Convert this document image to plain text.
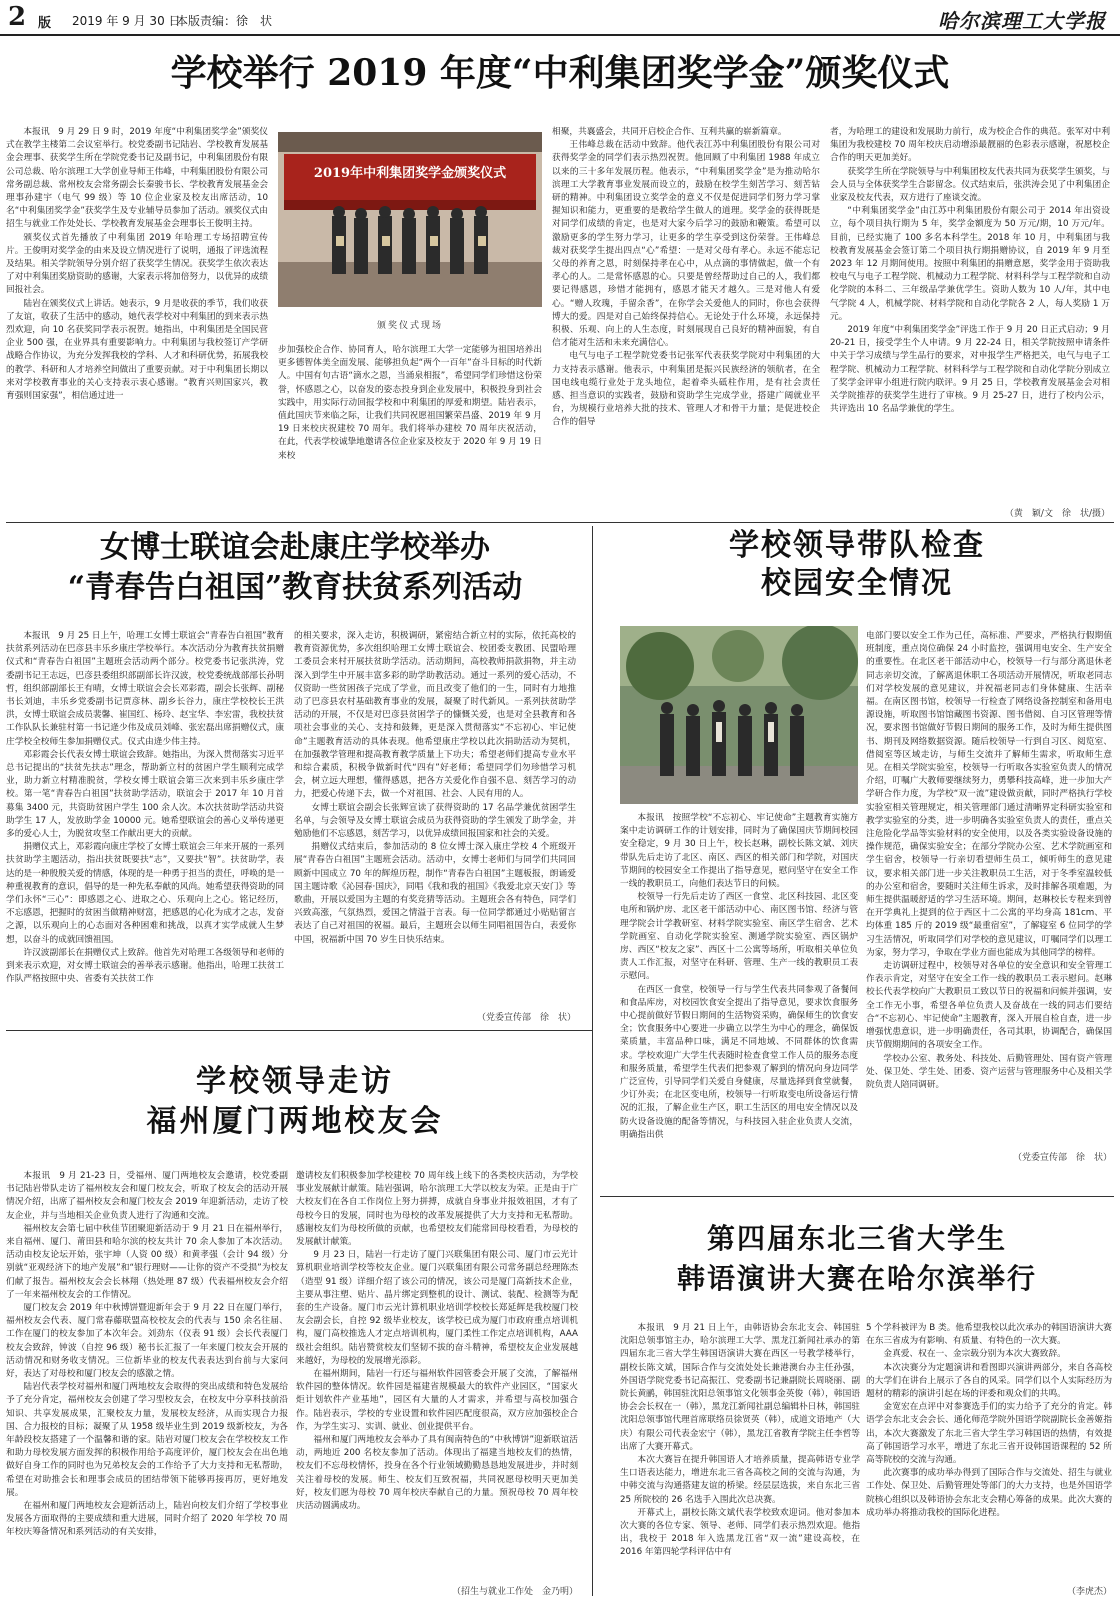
2 版 2019 年 9 月 30 日
本版责编：徐　状	哈尔滨理工大学报
学校举行 2019 年度“中利集团奖学金”颁奖仪式

本报讯　9 月 29 日 9 时，2019 年度“中利集团奖学金”颁奖仪式在教学主楼第二会议室举行。校党委副书记陆岩、学校教育发展基金会理事、获奖学生所在学院党委书记及副书记，中利集团股份有限公司总裁、哈尔滨理工大学创业导师王伟峰，中利集团股份有限公司常务副总裁、常州校友会常务副会长秦骏书长、学校教育发展基金会理事孙建宇（电气 99 级）等 10 位企业家及校友出席活动，10 名“中利集团奖学金”获奖学生及专业辅导员参加了活动。颁奖仪式由招生与就业工作处处长、学校教育发展基金会理事长王俊明主持。

颁奖仪式首先播放了中利集团 2019 年哈理工专场招聘宣传片。王俊明对奖学金的由来及设立情况进行了说明，通报了评选流程及结果。相关学院领导分别介绍了获奖学生情况。获奖学生依次表达了对中利集团奖励资助的感谢，大家表示将加倍努力，以优异的成绩回报社会。

陆岩在颁奖仪式上讲话。她表示，9 月是收获的季节，我们收获了友谊，收获了生活中的感动，她代表学校对中利集团的到来表示热烈欢迎，向 10 名获奖同学表示祝贺。她指出，中利集团是全国民营企业 500 强，在业界具有重要影响力。中利集团与我校签订产学研战略合作协议，为充分发挥我校的学科、人才和科研优势，拓展我校的教学、科研和人才培养空间做出了重要贡献。对于中利集团长期以来对学校教育事业的关心支持表示衷心感谢。“教育兴则国家兴，教育强则国家强”，相信通过进一

2019年中利集团奖学金颁奖仪式
颁奖仪式现场

步加强校企合作、协同育人，哈尔滨理工大学一定能够为祖国培养出更多德智体美全面发展、能够担负起“两个一百年”奋斗目标的时代新人。中国有句古语“滴水之恩，当涌泉相报”，希望同学们珍惜这份荣誉，怀感恩之心，以奋发的姿态投身到企业发展中，积极投身到社会实践中，用实际行动回报学校和中利集团的厚爱和期望。陆岩表示，值此国庆节来临之际，让我们共同祝愿祖国繁荣昌盛、2019 年 9 月 19 日来校庆祝建校 70 周年。我们将举办建校 70 周年庆祝活动，在此，代表学校诚挚地邀请各位企业家及校友于 2020 年 9 月 19 日来校

相聚，共襄盛会，共同开启校企合作、互利共赢的崭新篇章。

王伟峰总裁在活动中致辞。他代表江苏中利集团股份有限公司对获得奖学金的同学们表示热烈祝贺。他回顾了中利集团 1988 年成立以来的三十多年发展历程。他表示，“中利集团奖学金”是为推动哈尔滨理工大学教育事业发展而设立的，鼓励在校学生刻苦学习、刻苦钻研的精神。中利集团设立奖学金的意义不仅是促进同学们努力学习掌握知识和能力，更重要的是教给学生做人的道理。奖学金的获得既是对同学们成绩的肯定，也是对大家今后学习的鼓励和鞭策。希望可以激励更多的学生努力学习，让更多的学生享受到这份荣誉。王伟峰总裁对获奖学生提出四点“心”希望：一是对父母有孝心。永远不能忘记父母的养育之恩，时刻保持孝在心中，从点滴的事情做起，做一个有孝心的人。二是常怀感恩的心。只要是曾经帮助过自己的人，我们都要记得感恩，珍惜才能拥有，感恩才能天才越久。三是对他人有爱心。“赠人玫瑰，手留余香”，在你学会关爱他人的同时，你也会获得博大的爱。四是对自己始终保持信心。无论处于什么环境，永远保持积极、乐观、向上的人生态度，时刻展现自己良好的精神面貌，有自信才能对生活和未来充满信心。

电气与电子工程学院党委书记张军代表获奖学院对中利集团的大力支持表示感谢。他表示，中利集团是振兴民族经济的领航者，在全国电线电缆行业处于龙头地位，起着牵头砥柱作用，是有社会责任感、担当意识的实践者，鼓励和资助学生完成学业，搭建广阔就业平台，为规模行业培养大批的技术、管理人才和骨干力量；是促进校企合作的倡导

者，为哈理工的建设和发展助力前行，成为校企合作的典范。张军对中利集团为我校建校 70 周年校庆启动增添最靓丽的色彩表示感谢，祝愿校企合作的明天更加美好。

获奖学生所在学院领导与中利集团校友代表共同为获奖学生颁奖，与会人员与全体获奖学生合影留念。仪式结束后，张洪涛会见了中利集团企业家及校友代表，双方进行了座谈交流。

“中利集团奖学金”由江苏中利集团股份有限公司于 2014 年出资设立，每个项目执行期为 5 年，奖学金额度为 50 万元/期，10 万元/年。目前，已经实施了 100 多名本科学生。2018 年 10 月，中利集团与我校教育发展基金会签订第二个项目执行期捐赠协议，自 2019 年 9 月至 2023 年 12 月期间使用。按照中利集团的捐赠意愿，奖学金用于资助我校电气与电子工程学院、机械动力工程学院、材料科学与工程学院和自动化学院的本科二、三年级品学兼优学生。资助人数为 10 人/年，其中电气学院 4 人，机械学院、材料学院和自动化学院各 2 人，每人奖励 1 万元。

2019 年度“中利集团奖学金”评选工作于 9 月 20 日正式启动；9 月 20-21 日，接受学生个人申请。9 月 22-24 日，相关学院按照申请条件中关于学习成绩与学生品行的要求，对申报学生严格把关，电气与电子工程学院、机械动力工程学院、材料科学与工程学院和自动化学院分别成立了奖学金评审小组进行院内联评。9 月 25 日，学校教育发展基金会对相关学院推荐的获奖学生进行了审核。9 月 25-27 日，进行了校内公示，共评选出 10 名品学兼优的学生。

（黄　颖/文　徐　状/摄）
女博士联谊会赴康庄学校举办
“青春告白祖国”教育扶贫系列活动

本报讯　9 月 25 日上午，哈理工女博士联谊会“青春告白祖国”教育扶贫系列活动在巴彦县丰乐乡康庄学校举行。本次活动分为教育扶贫捐赠仪式和“青春告白祖国”主题班会活动两个部分。校党委书记张洪涛，党委副书记王志远，巴彦县委组织部副部长许汉波，校党委统战部部长孙明哲，组织部副部长王有晴，女博士联谊会会长邓彩霞，副会长张辉、副秘书长刘迪，丰乐乡党委副书记贾彦林、副乡长谷力，康庄学校校长王洪洪，女博士联谊会成员裴馨、崔国红、杨玲、赵宝华、李宏雷，我校扶贫工作队队长兼驻村第一书记逄少伟及成员刘峰、张宏磊出席捐赠仪式，康庄学校全校师生参加捐赠仪式。仪式由逄少伟主持。

邓彩霞会长代表女博士联谊会致辞。她指出，为深入贯彻落实习近平总书记提出的“扶贫先扶志”理念，帮助新立村的贫困户学生顺利完成学业，助力新立村精准脱贫，学校女博士联谊会第三次来到丰乐乡康庄学校。第一笔“青春告白祖国”扶贫助学活动，联谊会于 2017 年 10 月首募集 3400 元，共资助贫困户学生 100 余人次。本次扶贫助学活动共资助学生 17 人，发放助学金 10000 元。她希望联谊会的善心义举传递更多的爱心人士，为脱贫攻坚工作献出更大的贡献。

捐赠仪式上，邓彩霞向康庄学校了女博士联谊会三年来开展的一系列扶贫助学主题活动，指出扶贫既要扶“志”，又要扶“智”。扶贫助学，表达的是一种殷殷关爱的情感，体现的是一种勇于担当的责任，呼唤的是一种重视教育的意识，倡导的是一种先私奉献的风尚。她希望获得资助的同学们永怀“三心”：即感恩之心、进取之心、乐观向上之心。铭记经历，不忘感恩，把握时的贫困当做精神财富，把感恩的心化为成才之志，发奋之源，以乐观向上的心态面对各种困难和挑战，以真才实学成就人生梦想，以奋斗的成就回馈祖国。

许汉波副部长在捐赠仪式上致辞。他首先对哈理工各级领导和老师的到来表示欢迎，对女博士联谊会的善举表示感谢。他指出，哈理工扶贫工作队严格按照中央、省委有关扶贫工作

的相关要求，深入走访，积极调研，紧密结合新立村的实际，依托高校的教育资源优势，多次组织哈理工女博士联谊会、校团委支教团、民盟哈理工委员会来村开展扶贫助学活动。活动期间，高校教师捐款捐物，并主动深入到学生中开展丰富多彩的助学助教活动。通过一系列的爱心活动，不仅资助一些贫困孩子完成了学业，而且改变了他们的一生，同时有力地推动了巴彦县农村基础教育事业的发展，凝聚了时代新风。一系列扶贫助学活动的开展，不仅是对巴彦县贫困学子的慷慨关爱，也是对全县教育和各项社会事业的关心、支持和鼓舞，更是深入贯彻落实“不忘初心、牢记使命”主题教育活动的具体表现。他希望康庄学校以此次捐助活动为契机，在加强教学管理和提高教育教学质量上下功夫；希望老师们提高专业水平和综合素质，积极争做新时代“四有”好老师；希望同学们勿珍惜学习机会，树立远大理想，懂得感恩，把各方关爱化作自强不息、刻苦学习的动力，把爱心传递下去，做一个对祖国、社会、人民有用的人。

女博士联谊会副会长张辉宣读了获得资助的 17 名品学兼优贫困学生名单，与会领导及女博士联谊会成员为获得资助的学生颁发了助学金，并勉励他们不忘感恩，刻苦学习，以优异成绩回报国家和社会的关爱。

捐赠仪式结束后，参加活动的 8 位女博士深入康庄学校 4 个班级开展“青春告白祖国”主题班会活动。活动中，女博士老师们与同学们共同回顾新中国成立 70 年的辉煌历程，制作“青春告白祖国”主题板报，朗诵爱国主题诗歌《沁园春·国庆》，同唱《我和我的祖国》《我爱北京天安门》等歌曲，开展以爱国为主题的有奖竞猜等活动。主题班会各有特色，同学们兴致高涨，气氛热烈，爱国之情溢于言表。每一位同学都通过小贴贴留言表达了自己对祖国的祝福。最后，主题班会以师生同唱祖国告白，表爱你中国，祝福新中国 70 岁生日快乐结束。

（党委宣传部　徐　状）
学校领导带队检查
校园安全情况

本报讯　按照学校“不忘初心、牢记使命”主题教育实施方案中走访调研工作的计划安排，同时为了确保国庆节期间校园安全稳定，9 月 30 日上午，校长赵琳，副校长陈文斌、刘庆带队先后走访了北区、南区、西区的相关部门和学院，对国庆节期间的校园安全工作提出了指导意见，慰问坚守在安全工作一线的教职员工，向他们表达节日的问候。

校领导一行先后走访了西区一食堂、北区科技园、北区变电所和锅炉房、北区老干部活动中心、南区图书馆、经济与管理学院会计学教研室、材料学院实验室、南区学生宿舍、艺术学院画室、自动化学院实验室、测通学院实验室、西区锅炉房、西区“校友之家”、西区十二公寓等场所，听取相关单位负责人工作汇报，对坚守在科研、管理、生产一线的教职员工表示慰问。

在西区一食堂，校领导一行与学生代表共同参观了备餐间和食品库房，对校园饮食安全提出了指导意见，要求饮食服务中心提前做好节假日期间的生活物资采购，确保师生的饮食安全；饮食服务中心要进一步确立以学生为中心的理念，确保饭菜质量，丰富品种口味，满足不同地域、不同群体的饮食需求。学校欢迎广大学生代表随时检查食堂工作人员的服务态度和服务质量，希望学生代表们把参观了解到的情况向身边同学广泛宣传，引导同学们关爱自身健康，尽量选择到食堂就餐，少订外卖；在北区变电所，校领导一行听取变电所设备运行情况的汇报，了解企业生产区，职工生活区的用电安全情况以及防火设备设施的配备等情况，与科技园入驻企业负责人交流，明确指出供

电部门要以安全工作为己任，高标准、严要求，严格执行假期值班制度，重点岗位确保 24 小时监控，强调用电安全、生产安全的重要性。在北区老干部活动中心，校领导一行与部分离退休老同志亲切交流，了解离退休职工各项活动开展情况，听取老同志们对学校发展的意见建议，并祝福老同志们身体健康、生活幸福。在南区图书馆，校领导一行检查了网络设备控制室和备用电源设施，听取图书馆馆藏图书资源、图书借阅、自习区管理等情况，要求图书馆做好节假日期间的服务工作，及时为师生提供图书、期刊及网络数据资源。随后校领导一行到自习区、阅览室、借阅室等区域走访，与师生交流并了解师生需求，听取师生意见。在相关学院实验室，校领导一行听取各实验室负责人的情况介绍，叮嘱广大教师要继续努力，勇攀科技高峰，进一步加大产学研合作力度，为学校“双一流”建设做贡献，同时严格执行学校实验室相关管理规定，相关管理部门通过清晰界定科研实验室和教学实验室的分类，进一步明确各实验室负责人的责任，重点关注危险化学品等实验材料的安全使用，以及各类实验设备设施的操作规范，确保实验安全；在部分学院办公室、艺术学院画室和学生宿舍，校领导一行亲切看望师生员工，倾听师生的意见建议，要求相关部门进一步关注教职员工生活，对于冬季室温较低的办公室和宿舍，要随时关注师生诉求，及时排解各项难题，为师生提供温暖舒适的学习生活环境。期间，赵琳校长专程来到曾在开学典礼上提到的位于西区十二公寓的平均身高 181cm、平均体重 185 斤的 2019 级“最重宿室”，了解寝室 6 位同学的学习生活情况，听取同学们对学校的意见建议，叮嘱同学们以理工为家，努力学习，争取在学业方面也能成为其他同学的榜样。

走访调研过程中，校领导对各单位的安全意识和安全管理工作表示肯定，对坚守在安全工作一线的教职员工表示慰问。赵琳校长代表学校向广大教职员工致以节日的祝福和问候并强调，安全工作无小事，希望各单位负责人及奋战在一线的同志们要结合“不忘初心、牢记使命”主题教育，深入开展自检自查，进一步增强忧患意识，进一步明确责任，各司其职，协调配合，确保国庆节假期期间的各项安全工作。

学校办公室、教务处、科技处、后勤管理处、国有资产管理处、保卫处、学生处、团委、资产运营与管理服务中心及相关学院负责人陪同调研。

（党委宣传部　徐　状）
学校领导走访
福州厦门两地校友会

本报讯　9 月 21-23 日，受福州、厦门两地校友会邀请，校党委副书记陆岩带队走访了福州校友会和厦门校友会，听取了校友会的活动开展情况介绍，出席了福州校友会和厦门校友会 2019 年迎新活动，走访了校友企业，并与当地相关企业负责人进行了沟通和交流。

福州校友会第七届中秋佳节团聚迎新活动于 9 月 21 日在福州举行，来自福州、厦门、莆田县和哈尔滨的校友共计 70 余人参加了本次活动。活动由校友论坛开始，张宇坤（人资 00 级）和黄孝强（会计 94 级）分别就“亚观经济下的地产发展”和“银行理财——让你的资产不受损”为校友们献了报告。福州校友会会长林翔（热处理 87 级）代表福州校友会介绍了一年来福州校友会的工作情况。

厦门校友会 2019 年中秋博饼暨迎新年会于 9 月 22 日在厦门举行，福州校友会代表、厦门常春藤联盟高校校友会的代表与 150 余名往届、工作在厦门的校友参加了本次年会。刘劲东（仪表 91 级）会长代表厦门校友会致辞，钟波（自控 96 级）秘书长汇报了一年来厦门校友会开展的活动情况和财务收支情况。三位新毕业的校友代表表达到台前与大家问好，表达了对母校和厦门校友会的感激之情。

陆岩代表学校对福州和厦门两地校友会取得的突出成绩和特色发展给予了充分肯定，福州校友会创建了学习型校友会，在校友中分享科技前沿知识、共享发展成果，汇聚校友力量，发展校友经济，从而实现合力报国、合力报校的目标；凝聚了从 1958 级毕业生到 2019 级新校友，为各年龄段校友搭建了一个温馨和谐的家。陆岩对厦门校友会在学校校友工作和助力母校发展方面发挥的积极作用给予高度评价，厦门校友会在出色地做好自身工作的同时也为兄弟校友会的工作给予了大力支持和无私帮助，希望在对助推会长和理事会成员的团结带领下能够再接再厉，更好地发展。

在福州和厦门两地校友会迎新活动上，陆岩向校友们介绍了学校事业发展各方面取得的主要成绩和重大进展，同时介绍了 2020 年学校 70 周年校庆筹备情况和系列活动的有关安排，

邀请校友们积极参加学校建校 70 周年线上线下的各类校庆活动，为学校事业发展献计献策。陆岩强调，哈尔滨理工大学以校友为荣。正是由于广大校友们在各自工作岗位上努力拼搏，成就自身事业并报效祖国，才有了母校今日的发展，同时也为母校的改革发展提供了大力支持和无私帮助。感谢校友们为母校所做的贡献，也希望校友们能常回母校看看，为母校的发展献计献策。

9 月 23 日，陆岩一行走访了厦门兴联集团有限公司、厦门市云光计算机职业培训学校等校友企业。厦门兴联集团有限公司常务副总经理陈杰（造型 91 级）详细介绍了该公司的情况，该公司是厦门高新技术企业，主要从事注塑、贴片、晶片绑定到整机的设计、测试、装配、检测等为配套的生产设备。厦门市云光计算机职业培训学校校长郑延辉是我校厦门校友会副会长，自控 92 级毕业校友，该学校已成为厦门市政府重点培训机构，厦门高校推选人才定点培训机构，厦门柔性工作定点培训机构，AAA 级社会组织。陆岩赞赏校友们坚韧不拔的奋斗精神，希望校友企业发展越来越好，为母校的发展增光添彩。

在福州期间，陆岩一行还与福州软件园管委会开展了交流，了解福州软件园的整体情况。软件园是福建省规模最大的软件产业园区，“国家火炬计划软件产业基地”，园区有大量的人才需求，并希望与高校加强合作。陆岩表示，学校的专业设置和软件园匹配度很高，双方应加强校企合作，为学生实习、实训、就业、创业提供平台。

福州和厦门两地校友会举办了具有闽南特色的“中秋博饼”迎新联谊活动，两地近 200 名校友参加了活动。体现出了福建当地校友们的热情，校友们不忘母校情怀，投身在各个行业领域勤勤恳恳地发展进步，并时刻关注着母校的发展。师生、校友们互致祝福，共同祝愿母校明天更加美好，校友们愿为母校 70 周年校庆奉献自己的力量。预祝母校 70 周年校庆活动圆满成功。

（招生与就业工作处　金乃明）
第四届东北三省大学生
韩语演讲大赛在哈尔滨举行

本报讯　9 月 21 日上午，由韩语协会东北支会、韩国驻沈阳总领事馆主办，哈尔滨理工大学、黑龙江新闻社承办的第四届东北三省大学生韩国语演讲大赛在西区一号教学楼举行，副校长陈文斌，国际合作与交流处处长兼港澳台办主任孙强，外国语学院党委书记高振江、党委副书记兼副院长周晓丽、副院长黄鹂，韩国驻沈阳总领事馆文化领事金英俊（韩），韩国语协会会长权在一（韩），黑龙江新闻社副总编辑朴日林，韩国驻沈阳总领事馆代理首席联络员徐贤英（韩），成道文语地产（大庆）有限公司代表金宏宁（韩），黑龙江省教育学院主任李哲等出席了大赛开幕式。

本次大赛旨在提升韩国语人才培养质量，提高韩语专业学生口语表达能力，增进东北三省各高校之间的交流与沟通，为中韩交流与沟通搭建友谊的桥梁。经层层选拔，来自东北三省 25 所院校的 26 名选手入围此次总决赛。

开幕式上，副校长陈文斌代表学校致欢迎词。他对参加本次大赛的各位专家、领导、老师、同学们表示热烈欢迎。他指出，我校于 2018 年入选黑龙江省“双一流”建设高校，在 2016 年第四轮学科评估中有

5 个学科被评为 B 类。他希望我校以此次承办的韩国语演讲大赛在东三省成为有影响、有质量、有特色的一次大赛。

金真爱、权在一、金宗载分别为本次大赛致辞。

本次决赛分为定题演讲和看图即兴演讲两部分，来自各高校的大学们在讲台上展示了各自的风采。同学们以个人实际经历为题材的精彩的演讲引起在场的评委和观众们的共鸣。

金宽宏在点评中对参赛选手们的实力给予了充分的肯定。韩语学会东北支会会长、通化师范学院外国语学院副院长金善姬指出，本次大赛激发了东北三省大学生学习韩国语的热情，有效提高了韩国语学习水平，增进了东北三省开设韩国语课程的 52 所高等院校的交流与沟通。

此次赛事的成功举办得到了国际合作与交流处、招生与就业工作处、保卫处、后勤管理处等部门的大力支持，也是外国语学院核心组织以及韩语协会东北支会精心筹备的成果。此次大赛的成功举办将推动我校的国际化进程。

（李虎杰）
